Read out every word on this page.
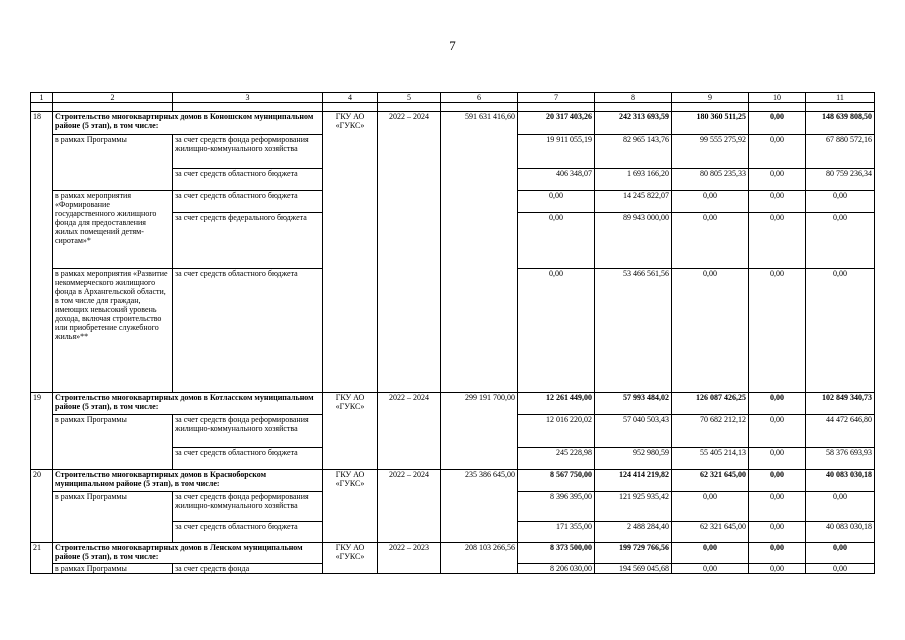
7
1	2	3	4	5	6	7	8	9	10	11

18	Строительство многоквартирных домов в Коношском муниципальном районе (5 этап), в том числе:		ГКУ АО «ГУКС»	2022 – 2024	591 631 416,60	20 317 403,26	242 313 693,59	180 360 511,25	0,00	148 639 808,50
	в рамках Программы	за счет средств фонда реформирования жилищно-коммунального хозяйства				19 911 055,19	82 965 143,76	99 555 275,92	0,00	67 880 572,16
		за счет средств областного бюджета				406 348,07	1 693 166,20	80 805 235,33	0,00	80 759 236,34
	в рамках мероприятия «Формирование государственного жилищного фонда для предоставления жилых помещений детям-сиротам»*	за счет средств областного бюджета				0,00	14 245 822,07	0,00	0,00	0,00
		за счет средств федерального бюджета				0,00	89 943 000,00	0,00	0,00	0,00
	в рамках мероприятия «Развитие некоммерческого жилищного фонда в Архангельской области, в том числе для граждан, имеющих невысокий уровень дохода, включая строительство или приобретение служебного жилья»**	за счет средств областного бюджета				0,00	53 466 561,56	0,00	0,00	0,00
19	Строительство многоквартирных домов в Котласском муниципальном районе (5 этап), в том числе:		ГКУ АО «ГУКС»	2022 – 2024	299 191 700,00	12 261 449,00	57 993 484,02	126 087 426,25	0,00	102 849 340,73
	в рамках Программы	за счет средств фонда реформирования жилищно-коммунального хозяйства				12 016 220,02	57 040 503,43	70 682 212,12	0,00	44 472 646,80
		за счет средств областного бюджета				245 228,98	952 980,59	55 405 214,13	0,00	58 376 693,93
20	Строительство многоквартирных домов в Красноборском муниципальном районе (5 этап), в том числе:		ГКУ АО «ГУКС»	2022 – 2024	235 386 645,00	8 567 750,00	124 414 219,82	62 321 645,00	0,00	40 083 030,18
	в рамках Программы	за счет средств фонда реформирования жилищно-коммунального хозяйства				8 396 395,00	121 925 935,42	0,00	0,00	0,00
		за счет средств областного бюджета				171 355,00	2 488 284,40	62 321 645,00	0,00	40 083 030,18
21	Строительство многоквартирных домов в Ленском муниципальном районе (5 этап), в том числе:		ГКУ АО «ГУКС»	2022 – 2023	208 103 266,56	8 373 500,00	199 729 766,56	0,00	0,00	0,00
	в рамках Программы	за счет средств фонда				8 206 030,00	194 569 045,68	0,00	0,00	0,00
